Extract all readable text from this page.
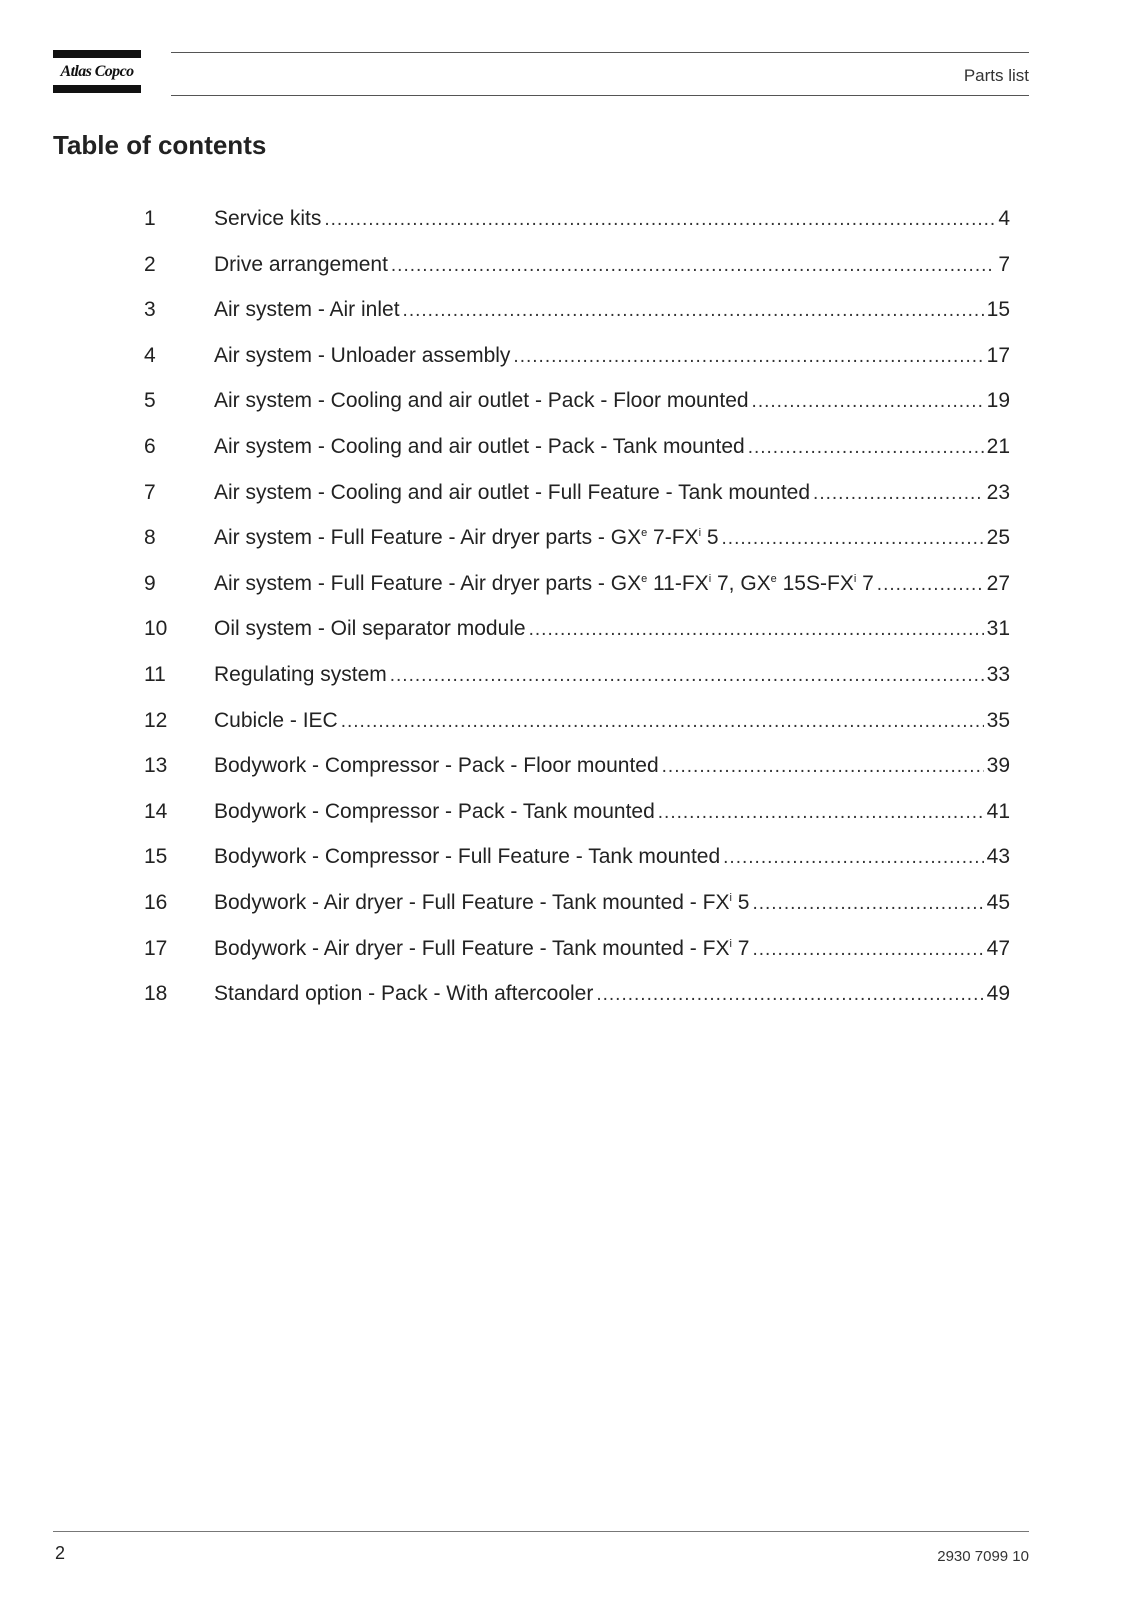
Atlas Copco	Parts list
Table of contents
1	Service kits .....	4
2	Drive arrangement .....	7
3	Air system - Air inlet .....	15
4	Air system - Unloader assembly .....	17
5	Air system - Cooling and air outlet - Pack - Floor mounted .....	19
6	Air system - Cooling and air outlet - Pack - Tank mounted .....	21
7	Air system - Cooling and air outlet - Full Feature - Tank mounted .....	23
8	Air system - Full Feature - Air dryer parts - $GX^e$ $7-FX^i$ 5 .....	25
9	Air system - Full Feature - Air dryer parts - $GX^e$ $11-FX^i$ 7, $GX^e$ $15S-FX^i$ 7 .....	27
10	Oil system - Oil separator module .....	31
11	Regulating system .....	33
12	Cubicle - IEC .....	35
13	Bodywork - Compressor - Pack - Floor mounted .....	39
14	Bodywork - Compressor - Pack - Tank mounted .....	41
15	Bodywork - Compressor - Full Feature - Tank mounted .....	43
16	Bodywork - Air dryer - Full Feature - Tank mounted - $FX^i$ 5 .....	45
17	Bodywork - Air dryer - Full Feature - Tank mounted - $FX^i$ 7 .....	47
18	Standard option - Pack - With aftercooler .....	49
2	2930 7099 10
